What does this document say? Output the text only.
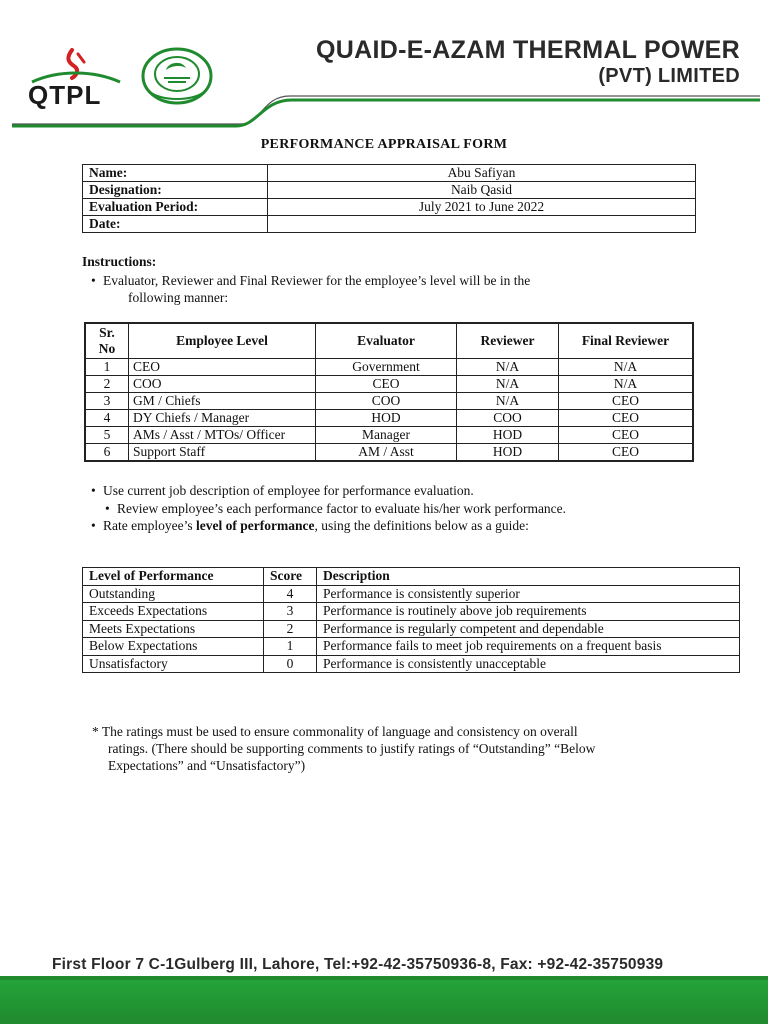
QTPL
QUAID-E-AZAM THERMAL POWER
(PVT) LIMITED
PERFORMANCE APPRAISAL FORM
Name:	Abu Safiyan
Designation:	Naib Qasid
Evaluation Period:	July 2021 to June 2022
Date:	
Instructions:
• Evaluator, Reviewer and Final Reviewer for the employee’s level will be in the
following manner:
Sr. No	Employee Level	Evaluator	Reviewer	Final Reviewer
1	CEO	Government	N/A	N/A
2	COO	CEO	N/A	N/A
3	GM / Chiefs	COO	N/A	CEO
4	DY Chiefs / Manager	HOD	COO	CEO
5	AMs / Asst / MTOs/ Officer	Manager	HOD	CEO
6	Support Staff	AM / Asst	HOD	CEO
• Use current job description of employee for performance evaluation.
• Review employee’s each performance factor to evaluate his/her work performance.
• Rate employee’s level of performance, using the definitions below as a guide:
Level of Performance	Score	Description
Outstanding	4	Performance is consistently superior
Exceeds Expectations	3	Performance is routinely above job requirements
Meets Expectations	2	Performance is regularly competent and dependable
Below Expectations	1	Performance fails to meet job requirements on a frequent basis
Unsatisfactory	0	Performance is consistently unacceptable
* The ratings must be used to ensure commonality of language and consistency on overall
ratings. (There should be supporting comments to justify ratings of “Outstanding” “Below
Expectations” and “Unsatisfactory”)
First Floor 7 C-1Gulberg III, Lahore, Tel:+92-42-35750936-8, Fax: +92-42-35750939
